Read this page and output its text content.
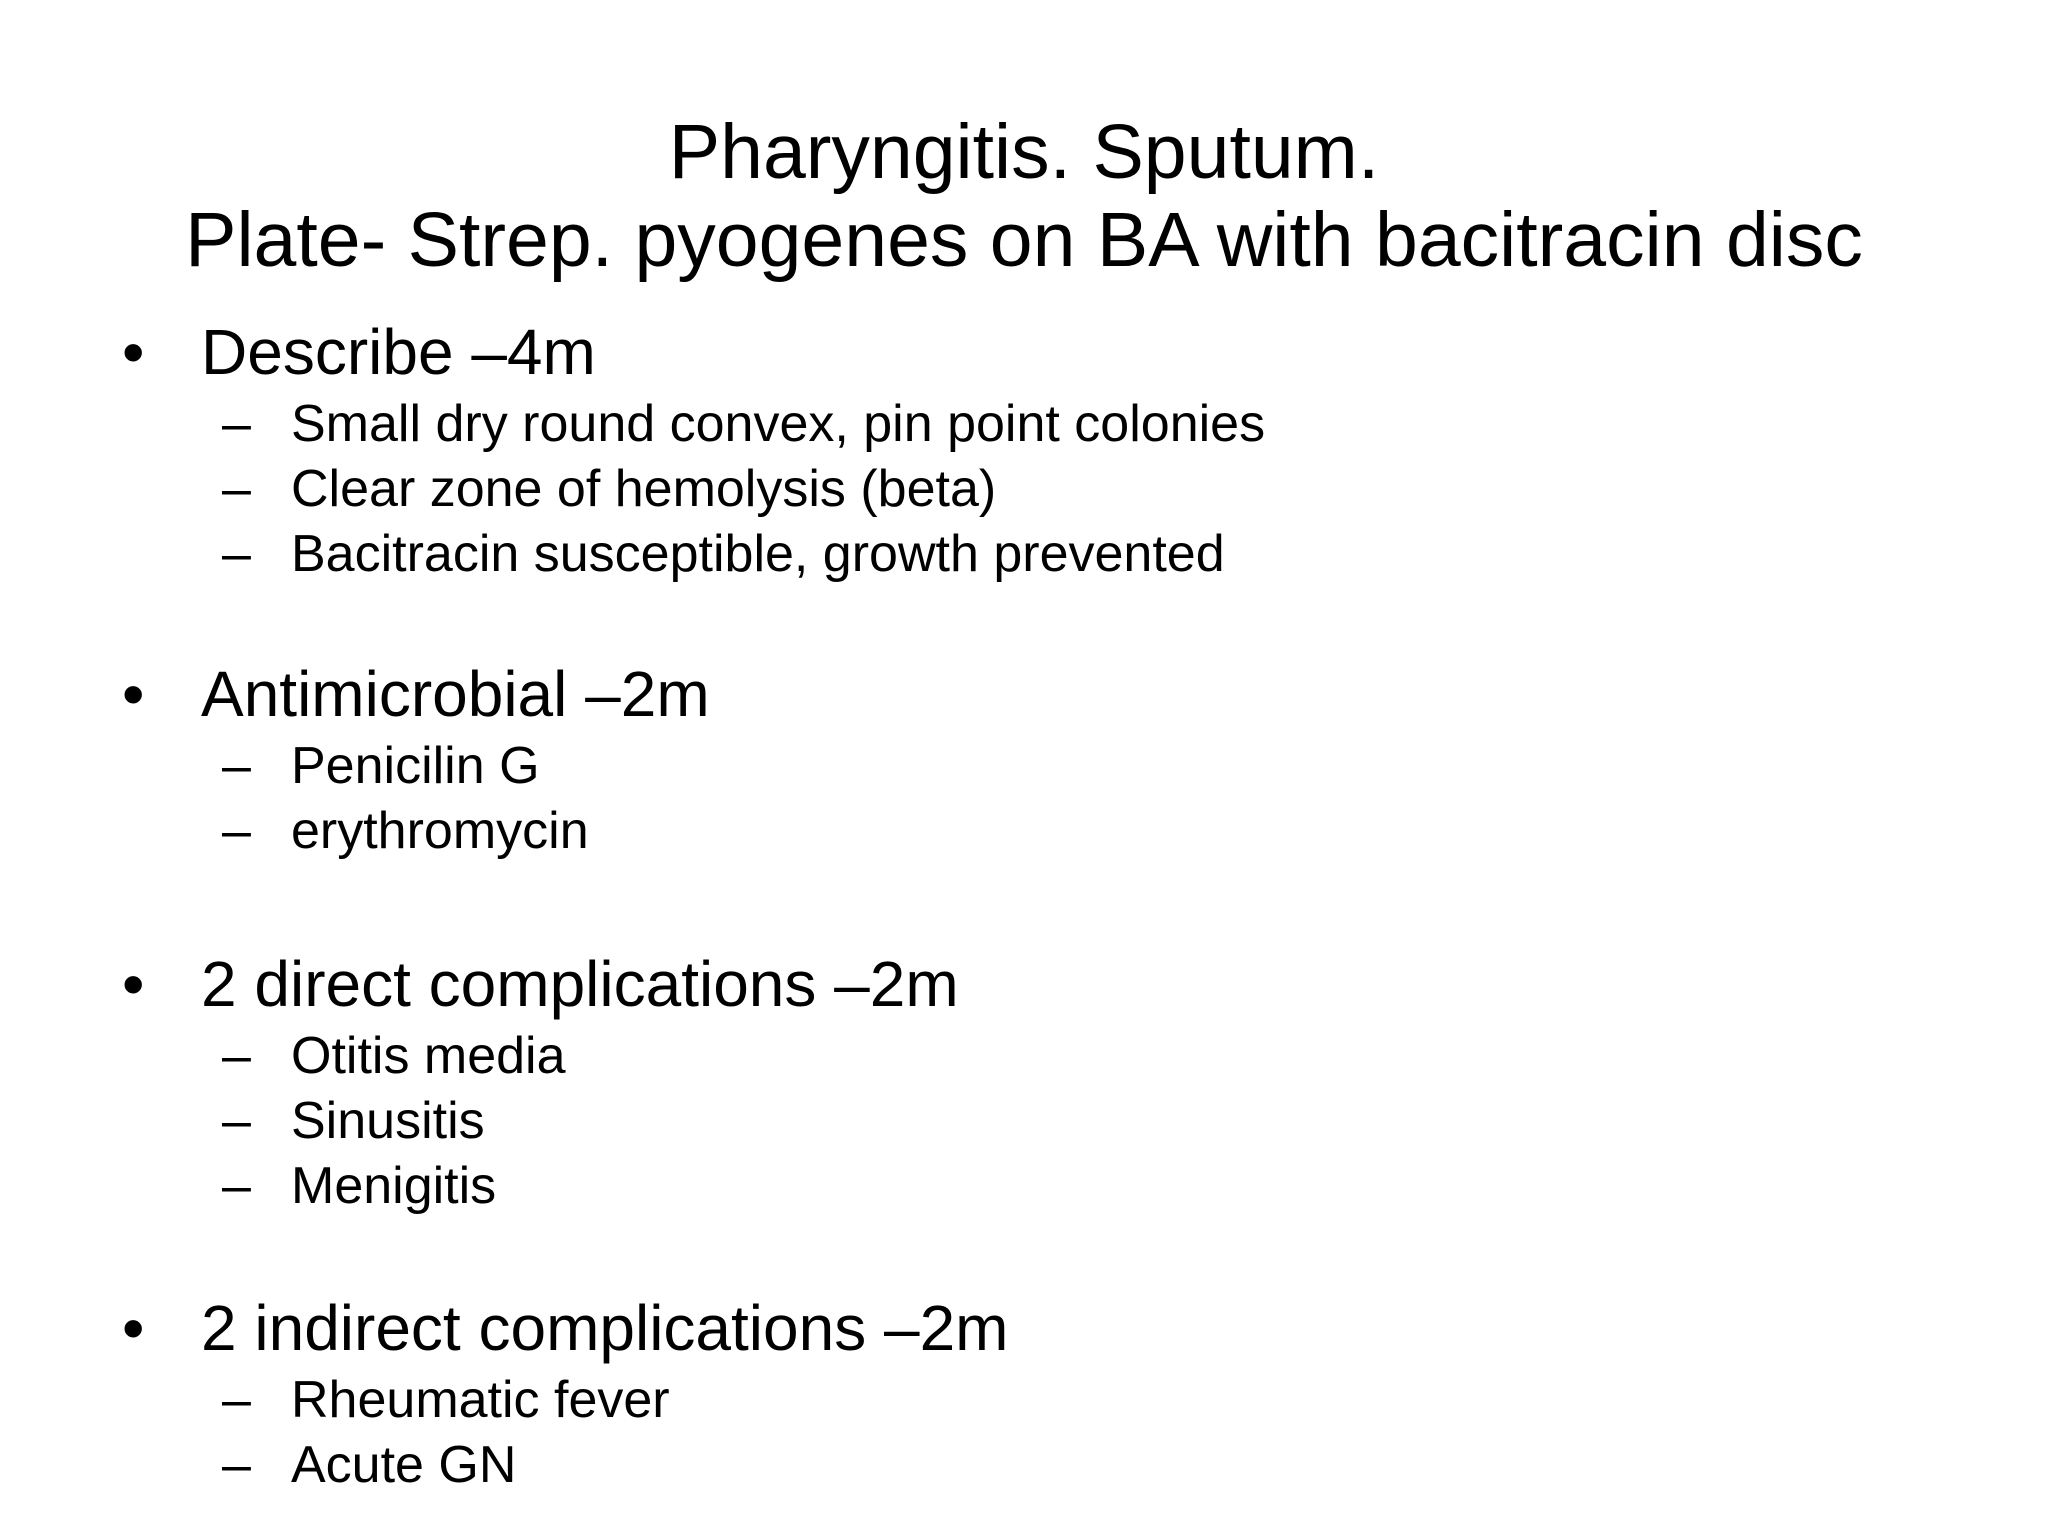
Pharyngitis. Sputum.
Plate- Strep. pyogenes on BA with bacitracin disc
• Describe –4m
– Small dry round convex, pin point colonies
– Clear zone of hemolysis (beta)
– Bacitracin susceptible, growth prevented
• Antimicrobial –2m
– Penicilin G
– erythromycin
• 2 direct complications –2m
– Otitis media
– Sinusitis
– Menigitis
• 2 indirect complications –2m
– Rheumatic fever
– Acute GN
